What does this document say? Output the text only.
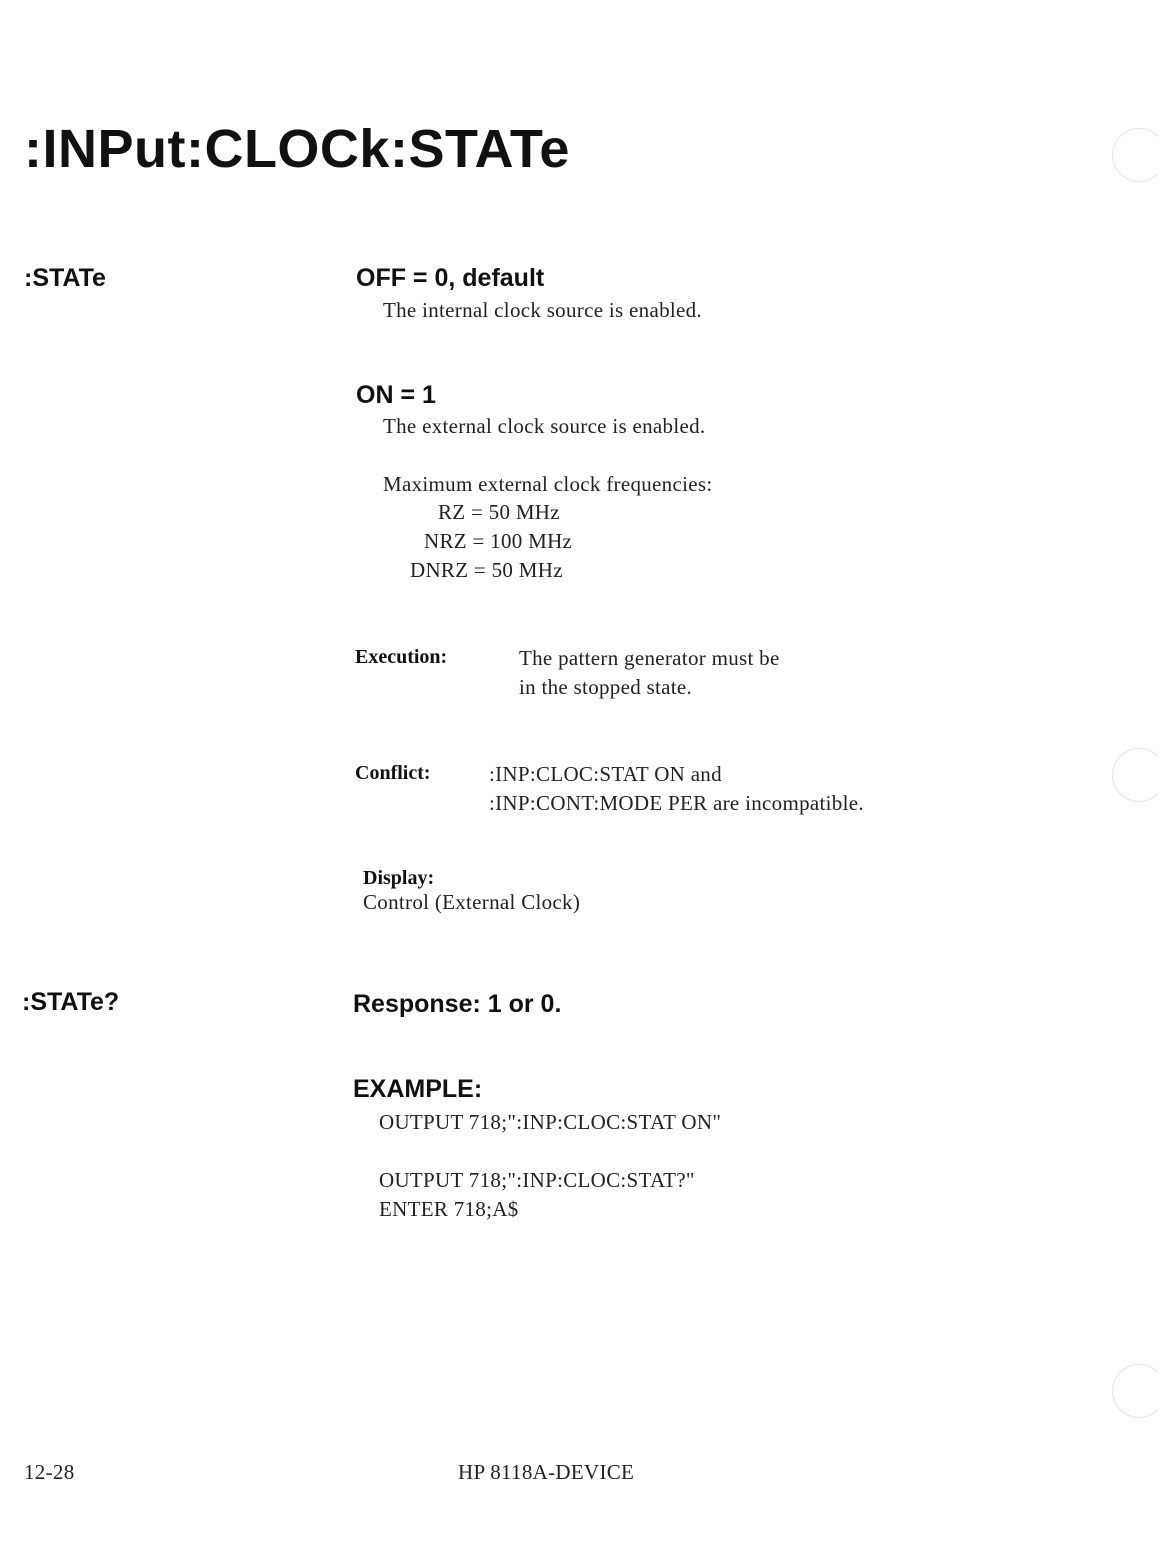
:INPut:CLOCk:STATe
:STATe	OFF = 0, default
The internal clock source is enabled.
ON = 1
The external clock source is enabled.
Maximum external clock frequencies:
RZ = 50 MHz
NRZ = 100 MHz
DNRZ = 50 MHz
Execution:	The pattern generator must be
in the stopped state.
Conflict:	:INP:CLOC:STAT ON and
:INP:CONT:MODE PER are incompatible.

Display:
Control (External Clock)

:STATe?	Response: 1 or 0.
EXAMPLE:
OUTPUT 718;":INP:CLOC:STAT ON"
OUTPUT 718;":INP:CLOC:STAT?"
ENTER 718;A$
12-28	HP 8118A-DEVICE
